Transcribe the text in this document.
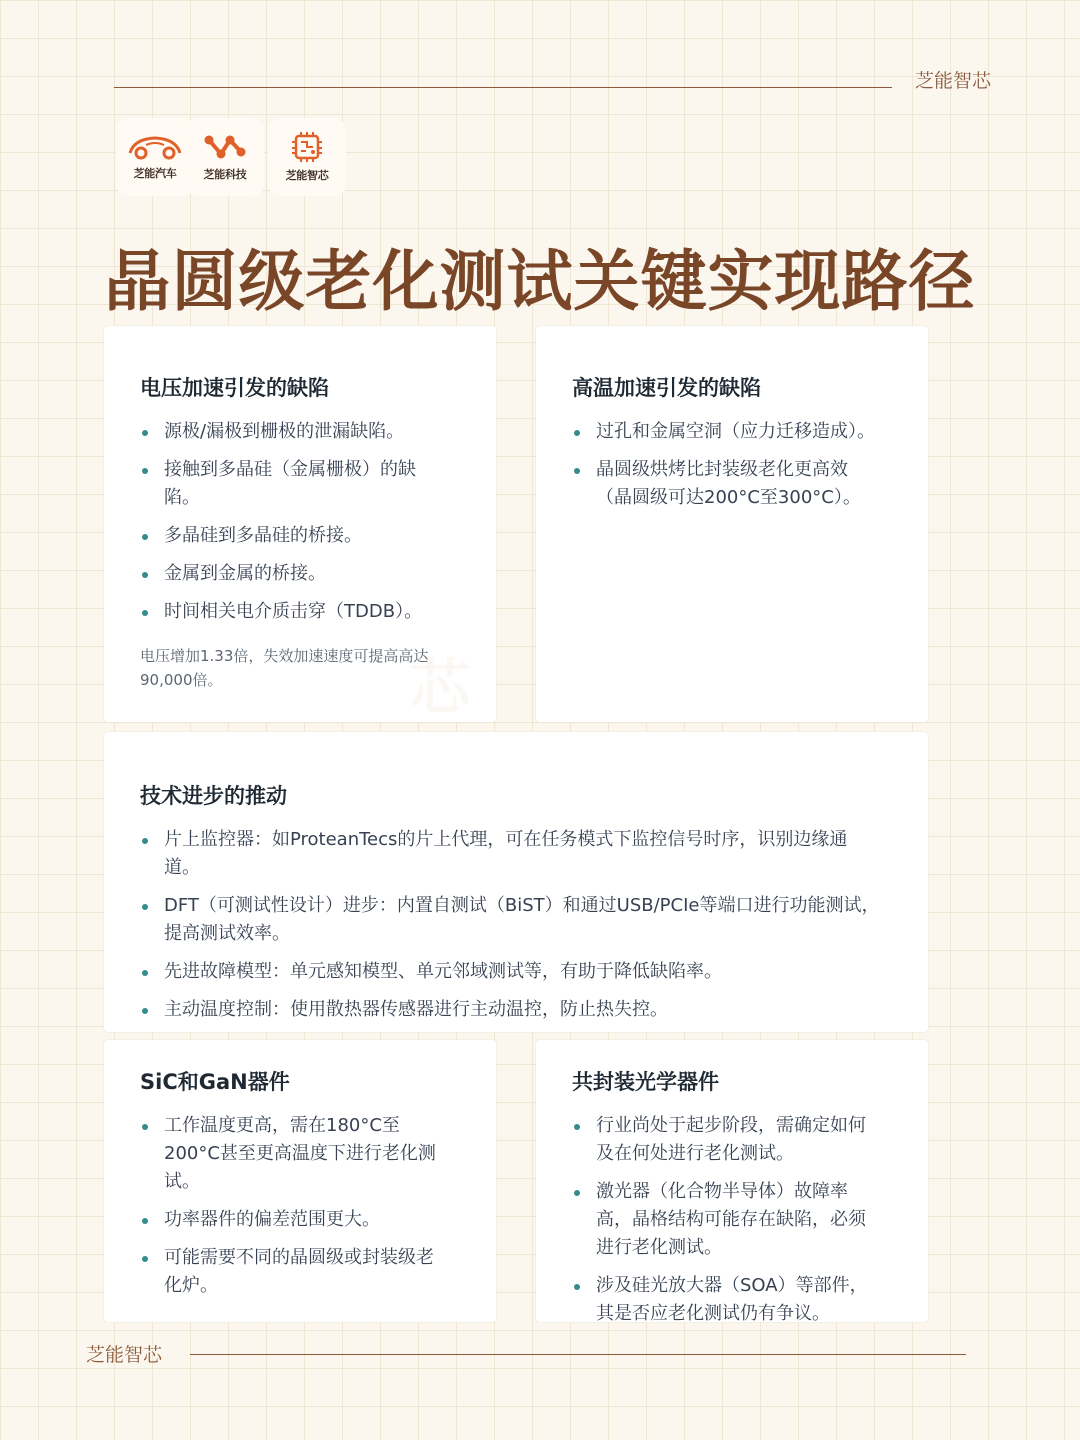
芝能智芯
芝能汽车 芝能科技	芝能智芯
晶圆级老化测试关键实现路径
电压加速引发的缺陷
源极/漏极到栅极的泄漏缺陷。
接触到多晶硅（金属栅极）的缺陷。
多晶硅到多晶硅的桥接。
金属到金属的桥接。
时间相关电介质击穿（TDDB）。
电压增加1.33倍，失效加速速度可提高高达90,000倍。
高温加速引发的缺陷
过孔和金属空洞（应力迁移造成）。
晶圆级烘烤比封装级老化更高效（晶圆级可达200°C至300°C）。
芯
技术进步的推动
片上监控器：如ProteanTecs的片上代理，可在任务模式下监控信号时序，识别边缘通道。
DFT（可测试性设计）进步：内置自测试（BiST）和通过USB/PCIe等端口进行功能测试，提高测试效率。
先进故障模型：单元感知模型、单元邻域测试等，有助于降低缺陷率。
主动温度控制：使用散热器传感器进行主动温控，防止热失控。
SiC和GaN器件
工作温度更高，需在180°C至200°C甚至更高温度下进行老化测试。
功率器件的偏差范围更大。
可能需要不同的晶圆级或封装级老化炉。
共封装光学器件
行业尚处于起步阶段，需确定如何及在何处进行老化测试。
激光器（化合物半导体）故障率高，晶格结构可能存在缺陷，必须进行老化测试。
涉及硅光放大器（SOA）等部件，其是否应老化测试仍有争议。
芝能智芯
